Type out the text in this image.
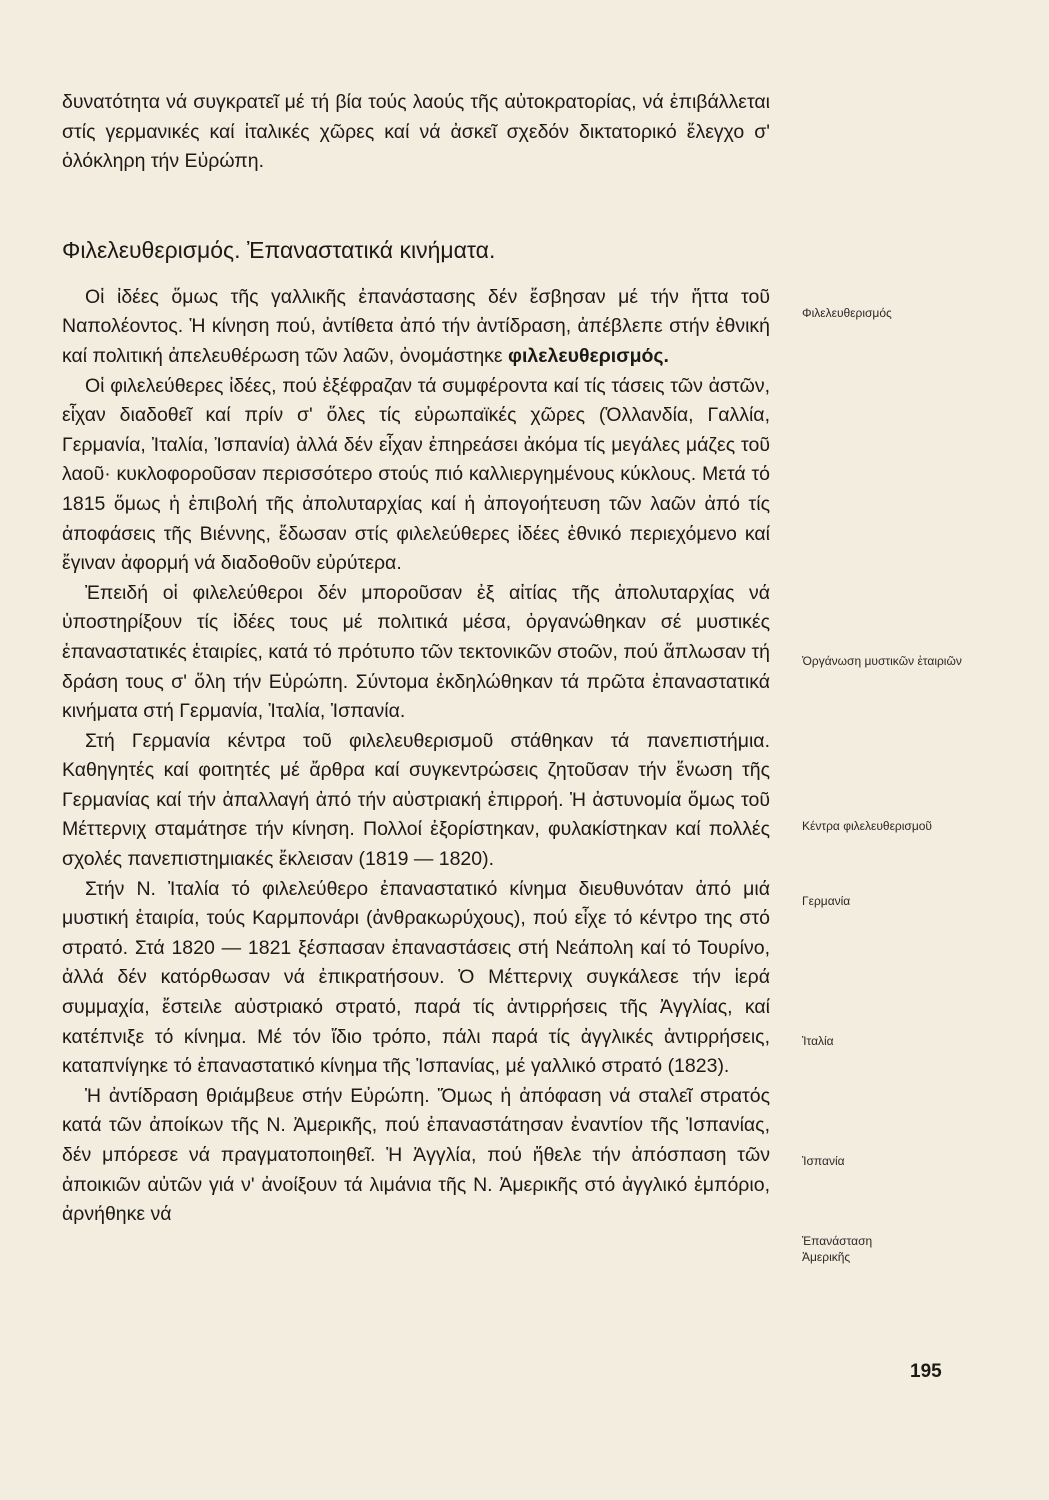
δυνατότητα νά συγκρατεῖ μέ τή βία τούς λαούς τῆς αὐτοκρατορίας, νά ἐπιβάλλεται στίς γερμανικές καί ἰταλικές χῶρες καί νά ἀσκεῖ σχεδόν δικτατορικό ἔλεγχο σ' ὁλόκληρη τήν Εὐρώπη.

Φιλελευθερισμός. Ἐπαναστατικά κινήματα.

Οἱ ἰδέες ὅμως τῆς γαλλικῆς ἐπανάστασης δέν ἔσβησαν μέ τήν ἥττα τοῦ Ναπολέοντος. Ἡ κίνηση πού, ἀντίθετα ἀπό τήν ἀντίδραση, ἀπέβλεπε στήν ἐθνική καί πολιτική ἀπελευθέρωση τῶν λαῶν, ὀνομάστηκε φιλελευθερισμός.

Οἱ φιλελεύθερες ἰδέες, πού ἐξέφραζαν τά συμφέροντα καί τίς τάσεις τῶν ἀστῶν, εἶχαν διαδοθεῖ καί πρίν σ' ὅλες τίς εὐρωπαϊκές χῶρες (Ὁλλανδία, Γαλλία, Γερμανία, Ἰταλία, Ἰσπανία) ἀλλά δέν εἶχαν ἐπηρεάσει ἀκόμα τίς μεγάλες μάζες τοῦ λαοῦ· κυκλοφοροῦσαν περισσότερο στούς πιό καλλιεργημένους κύκλους. Μετά τό 1815 ὅμως ἡ ἐπιβολή τῆς ἀπολυταρχίας καί ἡ ἀπογοήτευση τῶν λαῶν ἀπό τίς ἀποφάσεις τῆς Βιέννης, ἔδωσαν στίς φιλελεύθερες ἰδέες ἐθνικό περιεχόμενο καί ἔγιναν ἀφορμή νά διαδοθοῦν εὐρύτερα.

Ἐπειδή οἱ φιλελεύθεροι δέν μποροῦσαν ἐξ αἰτίας τῆς ἀπολυταρχίας νά ὑποστηρίξουν τίς ἰδέες τους μέ πολιτικά μέσα, ὀργανώθηκαν σέ μυστικές ἐπαναστατικές ἑταιρίες, κατά τό πρότυπο τῶν τεκτονικῶν στοῶν, πού ἅπλωσαν τή δράση τους σ' ὅλη τήν Εὐρώπη. Σύντομα ἐκδηλώθηκαν τά πρῶτα ἐπαναστατικά κινήματα στή Γερμανία, Ἰταλία, Ἰσπανία.

Στή Γερμανία κέντρα τοῦ φιλελευθερισμοῦ στάθηκαν τά πανεπιστήμια. Καθηγητές καί φοιτητές μέ ἄρθρα καί συγκεντρώσεις ζητοῦσαν τήν ἕνωση τῆς Γερμανίας καί τήν ἀπαλλαγή ἀπό τήν αὐστριακή ἐπιρροή. Ἡ ἀστυνομία ὅμως τοῦ Μέττερνιχ σταμάτησε τήν κίνηση. Πολλοί ἐξορίστηκαν, φυλακίστηκαν καί πολλές σχολές πανεπιστημιακές ἔκλεισαν (1819 — 1820).

Στήν Ν. Ἰταλία τό φιλελεύθερο ἐπαναστατικό κίνημα διευθυνόταν ἀπό μιά μυστική ἑταιρία, τούς Καρμπονάρι (ἀνθρακωρύχους), πού εἶχε τό κέντρο της στό στρατό. Στά 1820 — 1821 ξέσπασαν ἐπαναστάσεις στή Νεάπολη καί τό Τουρίνο, ἀλλά δέν κατόρθωσαν νά ἐπικρατήσουν. Ὁ Μέττερνιχ συγκάλεσε τήν ἱερά συμμαχία, ἔστειλε αὐστριακό στρατό, παρά τίς ἀντιρρήσεις τῆς Ἀγγλίας, καί κατέπνιξε τό κίνημα. Μέ τόν ἴδιο τρόπο, πάλι παρά τίς ἀγγλικές ἀντιρρήσεις, καταπνίγηκε τό ἐπαναστατικό κίνημα τῆς Ἰσπανίας, μέ γαλλικό στρατό (1823).

Ἡ ἀντίδραση θριάμβευε στήν Εὐρώπη. Ὅμως ἡ ἀπόφαση νά σταλεῖ στρατός κατά τῶν ἀποίκων τῆς Ν. Ἀμερικῆς, πού ἐπαναστάτησαν ἐναντίον τῆς Ἰσπανίας, δέν μπόρεσε νά πραγματοποιηθεῖ. Ἡ Ἀγγλία, πού ἤθελε τήν ἀπόσπαση τῶν ἀποικιῶν αὐτῶν γιά ν' ἀνοίξουν τά λιμάνια τῆς Ν. Ἀμερικῆς στό ἀγγλικό ἐμπόριο, ἀρνήθηκε νά

Φιλελευθερισμός
Ὀργάνωση μυστικῶν ἑταιριῶν
Κέντρα φιλελευθερισμοῦ
Γερμανία
Ἰταλία
Ἰσπανία
Ἐπανάσταση Ἀμερικῆς
195
